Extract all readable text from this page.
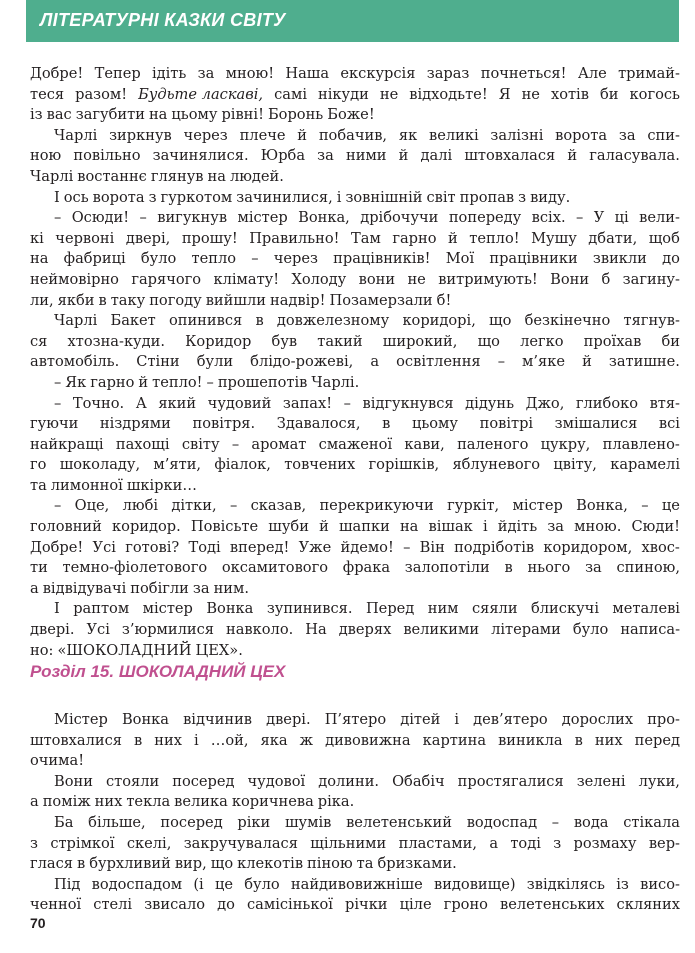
ЛІТЕРАТУРНІ КАЗКИ СВІТУ
Добре! Тепер ідіть за мною! Наша екскурсія зараз почнеться! Але тримай-
теся разом! Будьте ласкаві, самі нікуди не відходьте! Я не хотів би когось
із вас загубити на цьому рівні! Боронь Боже!
Чарлі зиркнув через плече й побачив, як великі залізні ворота за спи-
ною повільно зачинялися. Юрба за ними й далі штовхалася й галасувала.
Чарлі востаннє глянув на людей.
І ось ворота з гуркотом зачинилися, і зовнішній світ пропав з виду.
– Осюди! – вигукнув містер Вонка, дрібочучи попереду всіх. – У ці вели-
кі червоні двері, прошу! Правильно! Там гарно й тепло! Мушу дбати, щоб
на фабриці було тепло – через працівників! Мої працівники звикли до
неймовірно гарячого клімату! Холоду вони не витримують! Вони б загину-
ли, якби в таку погоду вийшли надвір! Позамерзали б!
Чарлі Бакет опинився в довжелезному коридорі, що безкінечно тягнув-
ся хтозна-куди. Коридор був такий широкий, що легко проїхав би
автомобіль. Стіни були блідо-рожеві, а освітлення – м’яке й затишне.
– Як гарно й тепло! – прошепотів Чарлі.
– Точно. А який чудовий запах! – відгукнувся дідунь Джо, глибоко втя-
гуючи ніздрями повітря. Здавалося, в цьому повітрі змішалися всі
найкращі пахощі світу – аромат смаженої кави, паленого цукру, плавлено-
го шоколаду, м’яти, фіалок, товчених горішків, яблуневого цвіту, карамелі
та лимонної шкірки…
– Оце, любі дітки, – сказав, перекрикуючи гуркіт, містер Вонка, – це
головний коридор. Повісьте шуби й шапки на вішак і йдіть за мною. Сюди!
Добре! Усі готові? Тоді вперед! Уже йдемо! – Він подріботів коридором, хвос-
ти темно-фіолетового оксамитового фрака залопотіли в нього за спиною,
а відвідувачі побігли за ним.
І раптом містер Вонка зупинився. Перед ним сяяли блискучі металеві
двері. Усі з’юрмилися навколо. На дверях великими літерами було написа-
но: «ШОКОЛАДНИЙ ЦЕХ».
Розділ 15. ШОКОЛАДНИЙ ЦЕХ
Містер Вонка відчинив двері. П’ятеро дітей і дев’ятеро дорослих про-
штовхалися в них і …ой, яка ж дивовижна картина виникла в них перед
очима!
Вони стояли посеред чудової долини. Обабіч простягалися зелені луки,
а поміж них текла велика коричнева ріка.
Ба більше, посеред ріки шумів велетенський водоспад – вода стікала
з стрімкої скелі, закручувалася щільними пластами, а тоді з розмаху вер-
глася в бурхливий вир, що клекотів піною та бризками.
Під водоспадом (і це було найдивовижніше видовище) звідкілясь із висо-
ченної стелі звисало до самісінької річки ціле гроно велетенських скляних
70
